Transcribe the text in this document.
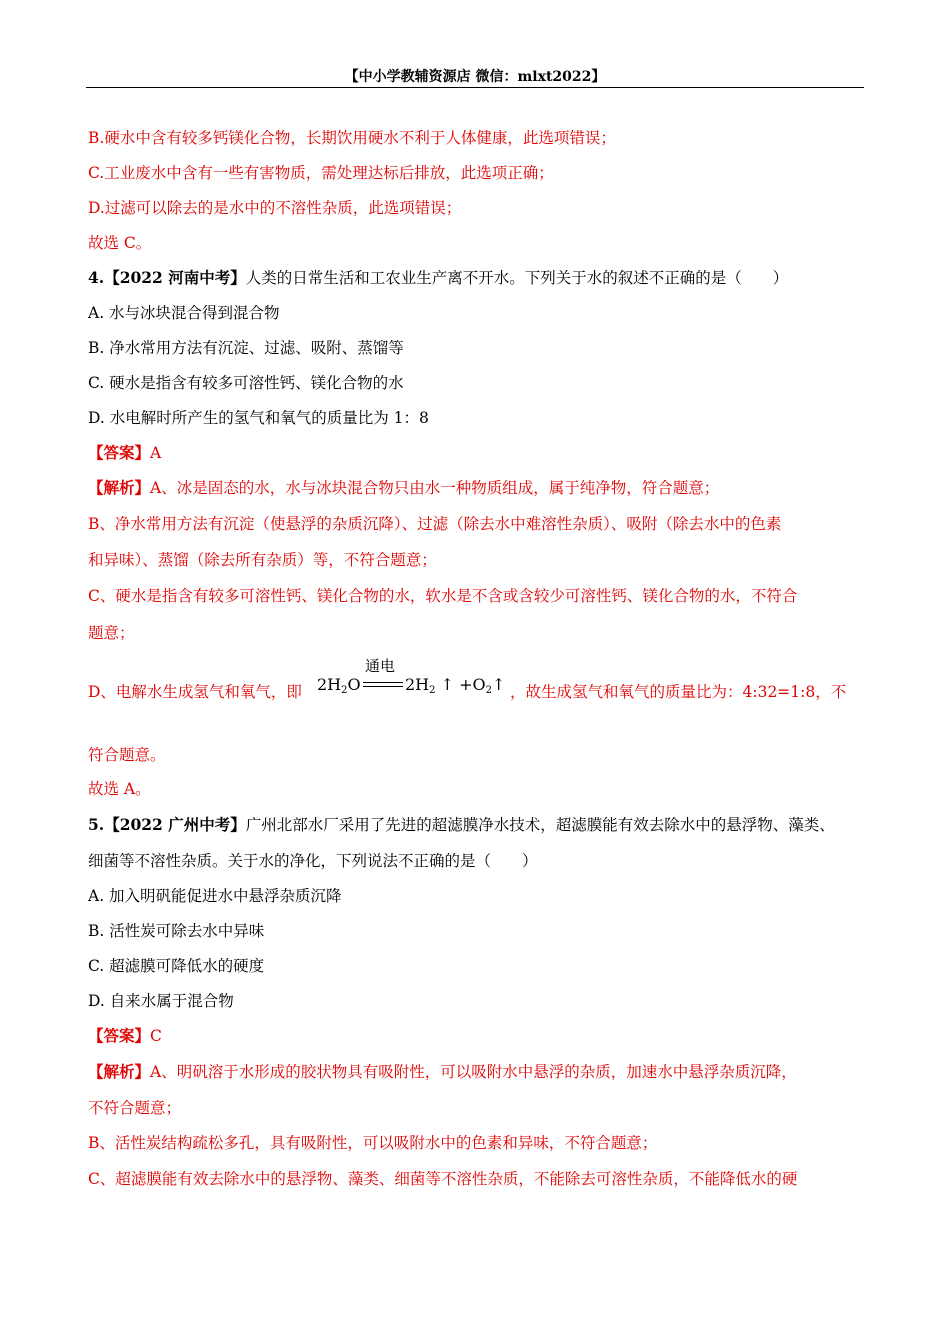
【中小学教辅资源店 微信：mlxt2022】
B.硬水中含有较多钙镁化合物，长期饮用硬水不利于人体健康，此选项错误；
C.工业废水中含有一些有害物质，需处理达标后排放，此选项正确；
D.过滤可以除去的是水中的不溶性杂质，此选项错误；
故选 C。
4.【2022 河南中考】人类的日常生活和工农业生产离不开水。下列关于水的叙述不正确的是（　　）
A. 水与冰块混合得到混合物
B. 净水常用方法有沉淀、过滤、吸附、蒸馏等
C. 硬水是指含有较多可溶性钙、镁化合物的水
D. 水电解时所产生的氢气和氧气的质量比为 1：8
【答案】A
【解析】A、冰是固态的水，水与冰块混合物只由水一种物质组成，属于纯净物，符合题意；
B、净水常用方法有沉淀（使悬浮的杂质沉降）、过滤（除去水中难溶性杂质）、吸附（除去水中的色素
和异味）、蒸馏（除去所有杂质）等，不符合题意；
C、硬水是指含有较多可溶性钙、镁化合物的水，软水是不含或含较少可溶性钙、镁化合物的水，不符合
题意；
D、电解水生成氢气和氧气，即 $2H_2O$
通电
$2H_2$ ↑ $+O_2↑$ ，故生成氢气和氧气的质量比为：4:32=1:8，不
符合题意。
故选 A。
5.【2022 广州中考】广州北部水厂采用了先进的超滤膜净水技术，超滤膜能有效去除水中的悬浮物、藻类、
细菌等不溶性杂质。关于水的净化，下列说法不正确的是（　　）
A. 加入明矾能促进水中悬浮杂质沉降
B. 活性炭可除去水中异味
C. 超滤膜可降低水的硬度
D. 自来水属于混合物
【答案】C
【解析】A、明矾溶于水形成的胶状物具有吸附性，可以吸附水中悬浮的杂质，加速水中悬浮杂质沉降，
不符合题意；
B、活性炭结构疏松多孔，具有吸附性，可以吸附水中的色素和异味，不符合题意；
C、超滤膜能有效去除水中的悬浮物、藻类、细菌等不溶性杂质，不能除去可溶性杂质，不能降低水的硬
